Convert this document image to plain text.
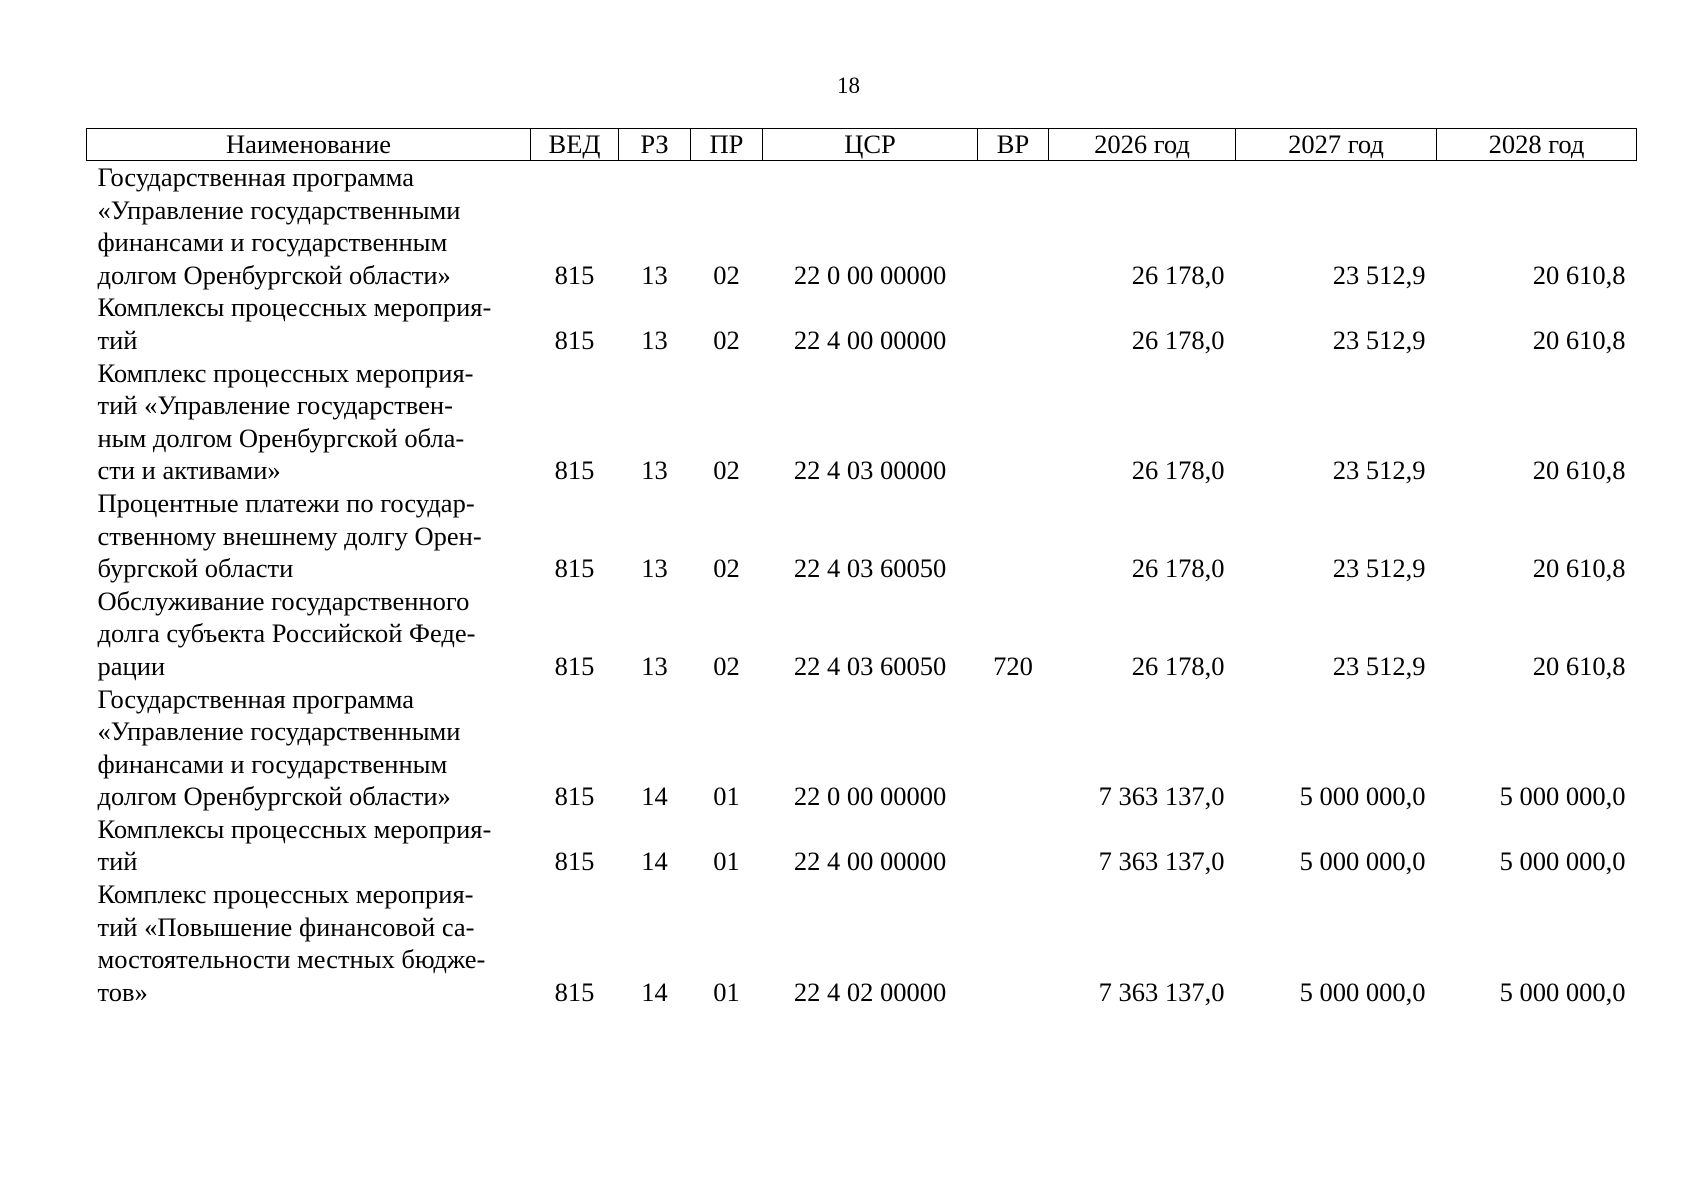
18
Наименование	ВЕД	РЗ	ПР	ЦСР	ВР	2026 год	2027 год	2028 год

Государственная программа
«Управление государственными
финансами и государственным
долгом Оренбургской области»	815	13	02	22 0 00 00000		26 178,0	23 512,9	20 610,8

Комплексы процессных мероприя-
тий	815	13	02	22 4 00 00000		26 178,0	23 512,9	20 610,8

Комплекс процессных мероприя-
тий «Управление государствен-
ным долгом Оренбургской обла-
сти и активами»	815	13	02	22 4 03 00000		26 178,0	23 512,9	20 610,8

Процентные платежи по государ-
ственному внешнему долгу Орен-
бургской области	815	13	02	22 4 03 60050		26 178,0	23 512,9	20 610,8

Обслуживание государственного
долга субъекта Российской Феде-
рации	815	13	02	22 4 03 60050	720	26 178,0	23 512,9	20 610,8

Государственная программа
«Управление государственными
финансами и государственным
долгом Оренбургской области»	815	14	01	22 0 00 00000		7 363 137,0	5 000 000,0	5 000 000,0

Комплексы процессных мероприя-
тий	815	14	01	22 4 00 00000		7 363 137,0	5 000 000,0	5 000 000,0

Комплекс процессных мероприя-
тий «Повышение финансовой са-
мостоятельности местных бюдже-
тов»	815	14	01	22 4 02 00000		7 363 137,0	5 000 000,0	5 000 000,0
